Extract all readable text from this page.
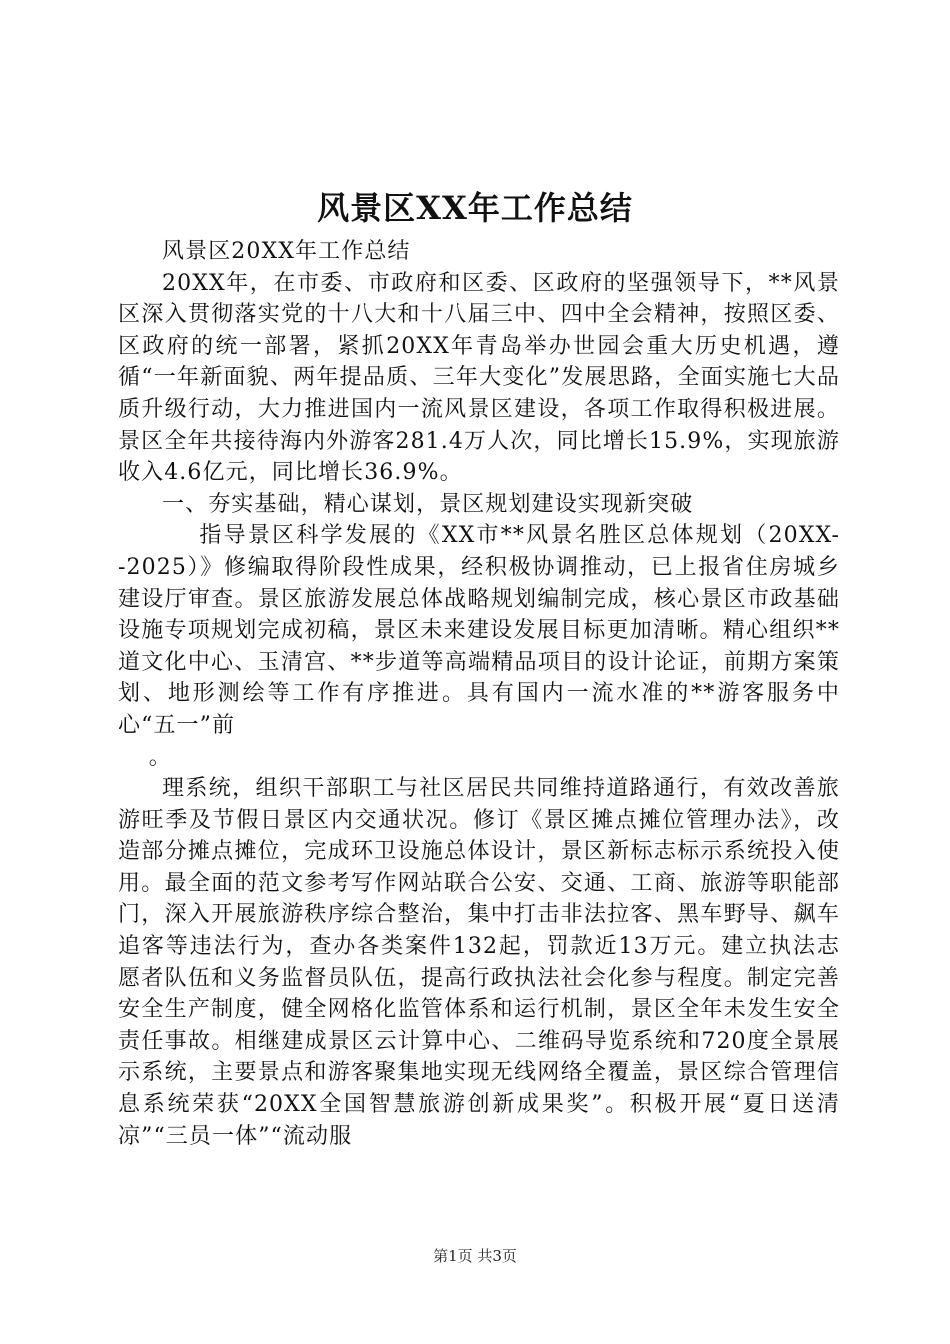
风景区XX年工作总结

风景区20XX年工作总结

20XX年，在市委、市政府和区委、区政府的坚强领导下，**风景区深入贯彻落实党的十八大和十八届三中、四中全会精神，按照区委、区政府的统一部署，紧抓20XX年青岛举办世园会重大历史机遇，遵循“一年新面貌、两年提品质、三年大变化”发展思路，全面实施七大品质升级行动，大力推进国内一流风景区建设，各项工作取得积极进展。景区全年共接待海内外游客281.4万人次，同比增长15.9%，实现旅游收入4.6亿元，同比增长36.9%。

一、夯实基础，精心谋划，景区规划建设实现新突破

指导景区科学发展的《XX市**风景名胜区总体规划（20XX--2025）》修编取得阶段性成果，经积极协调推动，已上报省住房城乡建设厅审查。景区旅游发展总体战略规划编制完成，核心景区市政基础设施专项规划完成初稿，景区未来建设发展目标更加清晰。精心组织**道文化中心、玉清宫、**步道等高端精品项目的设计论证，前期方案策划、地形测绘等工作有序推进。具有国内一流水准的**游客服务中心“五一”前

。

理系统，组织干部职工与社区居民共同维持道路通行，有效改善旅游旺季及节假日景区内交通状况。修订《景区摊点摊位管理办法》，改造部分摊点摊位，完成环卫设施总体设计，景区新标志标示系统投入使用。最全面的范文参考写作网站联合公安、交通、工商、旅游等职能部门，深入开展旅游秩序综合整治，集中打击非法拉客、黑车野导、飙车追客等违法行为，查办各类案件132起，罚款近13万元。建立执法志愿者队伍和义务监督员队伍，提高行政执法社会化参与程度。制定完善安全生产制度，健全网格化监管体系和运行机制，景区全年未发生安全责任事故。相继建成景区云计算中心、二维码导览系统和720度全景展示系统，主要景点和游客聚集地实现无线网络全覆盖，景区综合管理信息系统荣获“20XX全国智慧旅游创新成果奖”。积极开展“夏日送清凉”“三员一体”“流动服

第1页 共3页
